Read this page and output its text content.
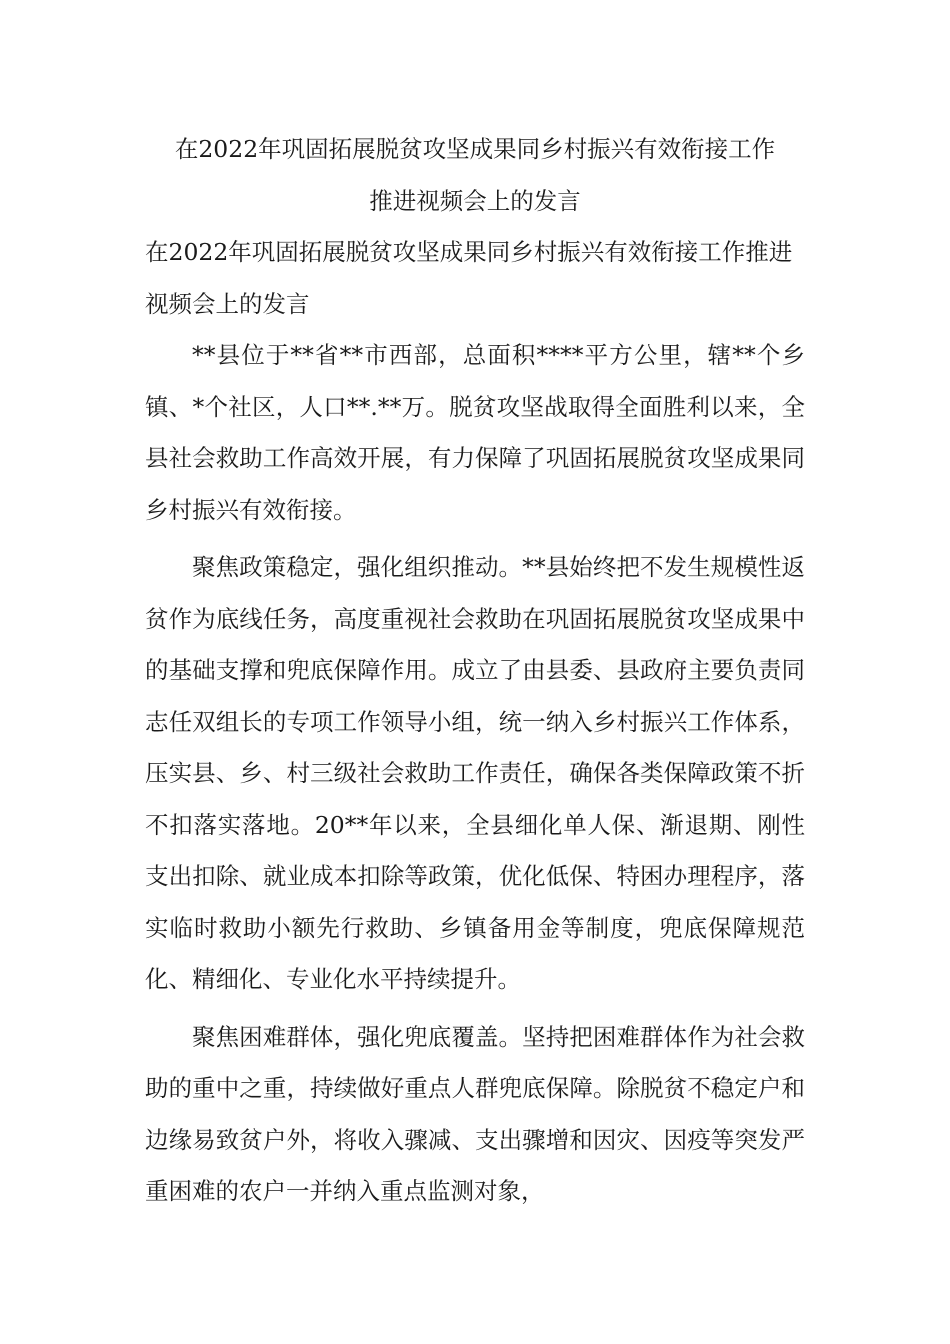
在2022年巩固拓展脱贫攻坚成果同乡村振兴有效衔接工作
推进视频会上的发言

在2022年巩固拓展脱贫攻坚成果同乡村振兴有效衔接工作推进视频会上的发言

**县位于**省**市西部，总面积****平方公里，辖**个乡镇、*个社区，人口**.**万。脱贫攻坚战取得全面胜利以来，全县社会救助工作高效开展，有力保障了巩固拓展脱贫攻坚成果同乡村振兴有效衔接。

聚焦政策稳定，强化组织推动。**县始终把不发生规模性返贫作为底线任务，高度重视社会救助在巩固拓展脱贫攻坚成果中的基础支撑和兜底保障作用。成立了由县委、县政府主要负责同志任双组长的专项工作领导小组，统一纳入乡村振兴工作体系，压实县、乡、村三级社会救助工作责任，确保各类保障政策不折不扣落实落地。20**年以来，全县细化单人保、渐退期、刚性支出扣除、就业成本扣除等政策，优化低保、特困办理程序，落实临时救助小额先行救助、乡镇备用金等制度，兜底保障规范化、精细化、专业化水平持续提升。

聚焦困难群体，强化兜底覆盖。坚持把困难群体作为社会救助的重中之重，持续做好重点人群兜底保障。除脱贫不稳定户和边缘易致贫户外，将收入骤减、支出骤增和因灾、因疫等突发严重困难的农户一并纳入重点监测对象，
